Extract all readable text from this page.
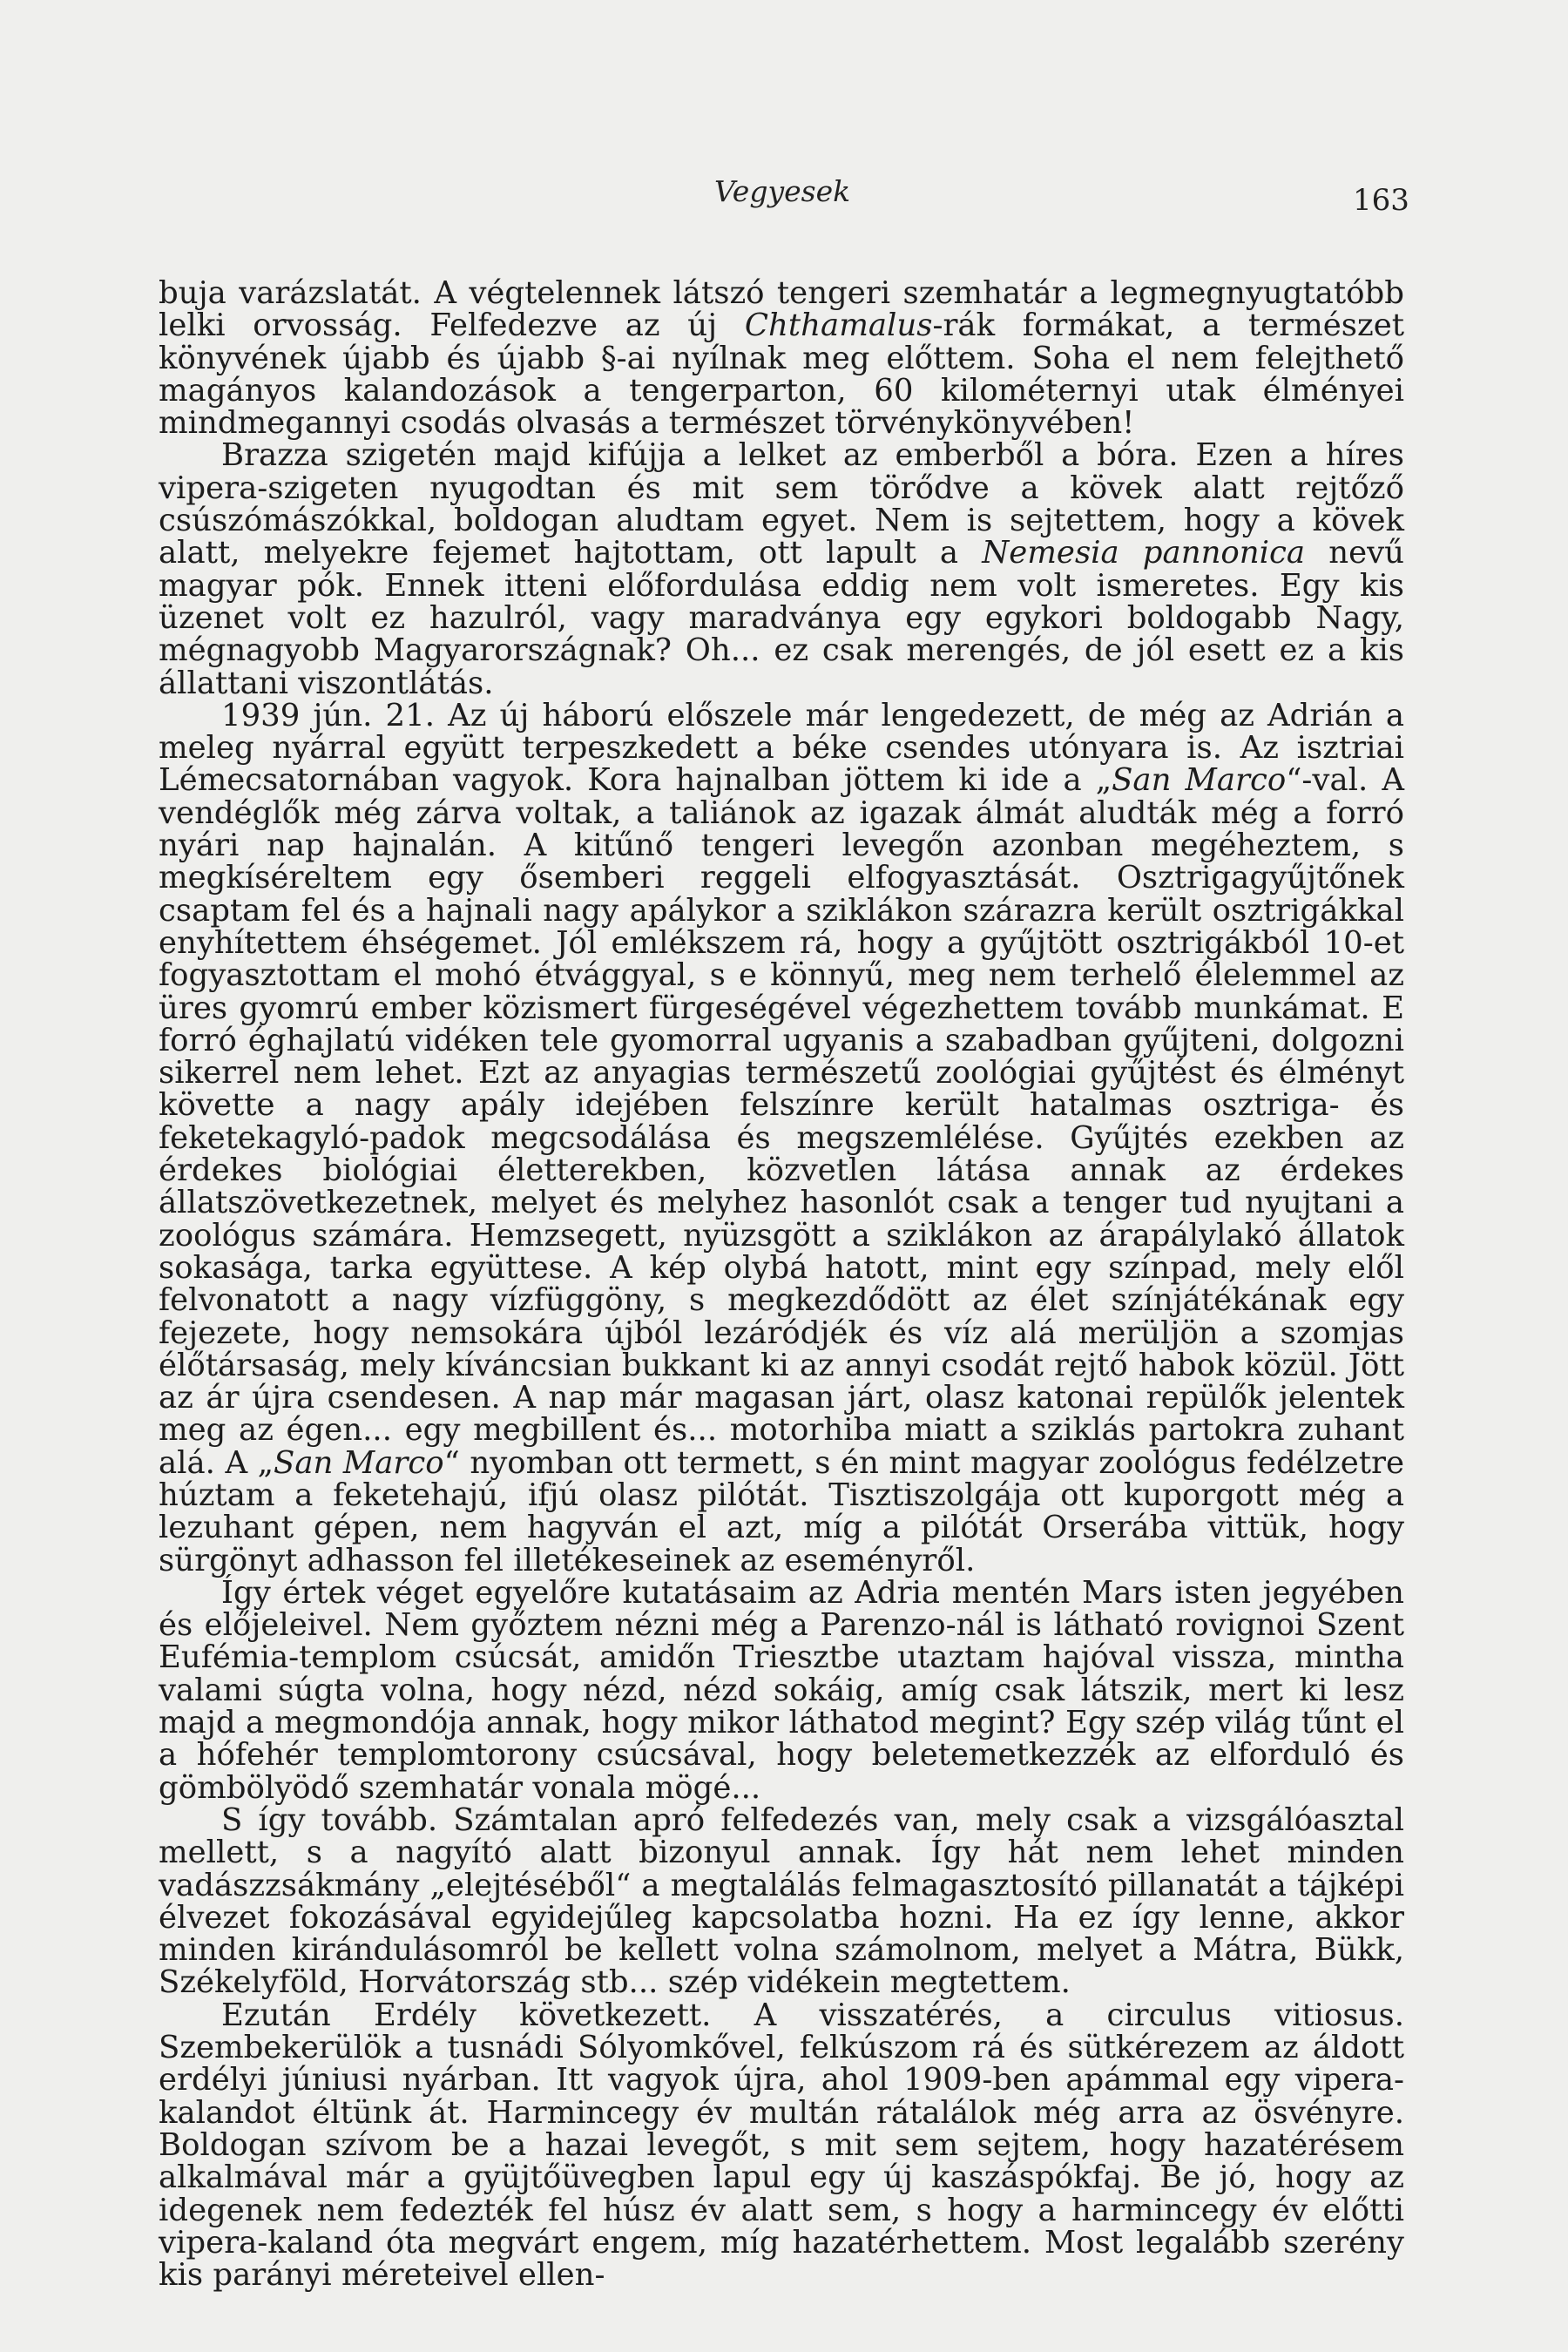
Vegyesek	163

buja varázslatát. A végtelennek látszó tengeri szemhatár a legmegnyugtatóbb lelki orvosság. Felfedezve az új Chthamalus-rák formákat, a természet könyvének újabb és újabb §-ai nyílnak meg előttem. Soha el nem felejthető magányos kalandozások a tengerparton, 60 kilométernyi utak élményei mindmegannyi csodás olvasás a természet törvénykönyvében!

Brazza szigetén majd kifújja a lelket az emberből a bóra. Ezen a híres vipera-szigeten nyugodtan és mit sem törődve a kövek alatt rejtőző csúszómászókkal, boldogan aludtam egyet. Nem is sejtettem, hogy a kövek alatt, melyekre fejemet hajtottam, ott lapult a Nemesia pannonica nevű magyar pók. Ennek itteni előfordulása eddig nem volt ismeretes. Egy kis üzenet volt ez hazulról, vagy maradványa egy egykori boldogabb Nagy, mégnagyobb Magyarországnak? Oh... ez csak merengés, de jól esett ez a kis állattani viszontlátás.

1939 jún. 21. Az új háború előszele már lengedezett, de még az Adrián a meleg nyárral együtt terpeszkedett a béke csendes utónyara is. Az isztriai Lémecsatornában vagyok. Kora hajnalban jöttem ki ide a „San Marco“-val. A vendéglők még zárva voltak, a taliánok az igazak álmát aludták még a forró nyári nap hajnalán. A kitűnő tengeri levegőn azonban megéheztem, s megkíséreltem egy ősemberi reggeli elfogyasztását. Osztrigagyűjtőnek csaptam fel és a hajnali nagy apálykor a sziklákon szárazra került osztrigákkal enyhítettem éhségemet. Jól emlékszem rá, hogy a gyűjtött osztrigákból 10-et fogyasztottam el mohó étvággyal, s e könnyű, meg nem terhelő élelemmel az üres gyomrú ember közismert fürgeségével végezhettem tovább munkámat. E forró éghajlatú vidéken tele gyomorral ugyanis a szabadban gyűjteni, dolgozni sikerrel nem lehet. Ezt az anyagias természetű zoológiai gyűjtést és élményt követte a nagy apály idejében felszínre került hatalmas osztriga- és feketekagyló-padok megcsodálása és megszemlélése. Gyűjtés ezekben az érdekes biológiai életterekben, közvetlen látása annak az érdekes állatszövetkezetnek, melyet és melyhez hasonlót csak a tenger tud nyujtani a zoológus számára. Hemzsegett, nyüzsgött a sziklákon az árapálylakó állatok sokasága, tarka együttese. A kép olybá hatott, mint egy színpad, mely elől felvonatott a nagy vízfüggöny, s megkezdődött az élet színjátékának egy fejezete, hogy nemsokára újból lezáródjék és víz alá merüljön a szomjas élőtársaság, mely kíváncsian bukkant ki az annyi csodát rejtő habok közül. Jött az ár újra csendesen. A nap már magasan járt, olasz katonai repülők jelentek meg az égen... egy megbillent és... motorhiba miatt a sziklás partokra zuhant alá. A „San Marco“ nyomban ott termett, s én mint magyar zoológus fedélzetre húztam a feketehajú, ifjú olasz pilótát. Tisztiszolgája ott kuporgott még a lezuhant gépen, nem hagyván el azt, míg a pilótát Orserába vittük, hogy sürgönyt adhasson fel illetékeseinek az eseményről.

Így értek véget egyelőre kutatásaim az Adria mentén Mars isten jegyében és előjeleivel. Nem győztem nézni még a Parenzo-nál is látható rovignoi Szent Eufémia-templom csúcsát, amidőn Triesztbe utaztam hajóval vissza, mintha valami súgta volna, hogy nézd, nézd sokáig, amíg csak látszik, mert ki lesz majd a megmondója annak, hogy mikor láthatod megint? Egy szép világ tűnt el a hófehér templomtorony csúcsával, hogy beletemetkezzék az elforduló és gömbölyödő szemhatár vonala mögé...

S így tovább. Számtalan apró felfedezés van, mely csak a vizsgálóasztal mellett, s a nagyító alatt bizonyul annak. Így hát nem lehet minden vadászzsákmány „elejtéséből“ a megtalálás felmagasztosító pillanatát a tájképi élvezet fokozásával egyidejűleg kapcsolatba hozni. Ha ez így lenne, akkor minden kirándulásomról be kellett volna számolnom, melyet a Mátra, Bükk, Székelyföld, Horvátország stb... szép vidékein megtettem.

Ezután Erdély következett. A visszatérés, a circulus vitiosus. Szembekerülök a tusnádi Sólyomkővel, felkúszom rá és sütkérezem az áldott erdélyi júniusi nyárban. Itt vagyok újra, ahol 1909-ben apámmal egy vipera-kalandot éltünk át. Harmincegy év multán rátalálok még arra az ösvényre. Boldogan szívom be a hazai levegőt, s mit sem sejtem, hogy hazatérésem alkalmával már a gyüjtőüvegben lapul egy új kaszáspókfaj. Be jó, hogy az idegenek nem fedezték fel húsz év alatt sem, s hogy a harmincegy év előtti vipera-kaland óta megvárt engem, míg hazatérhettem. Most legalább szerény kis parányi méreteivel ellen-
